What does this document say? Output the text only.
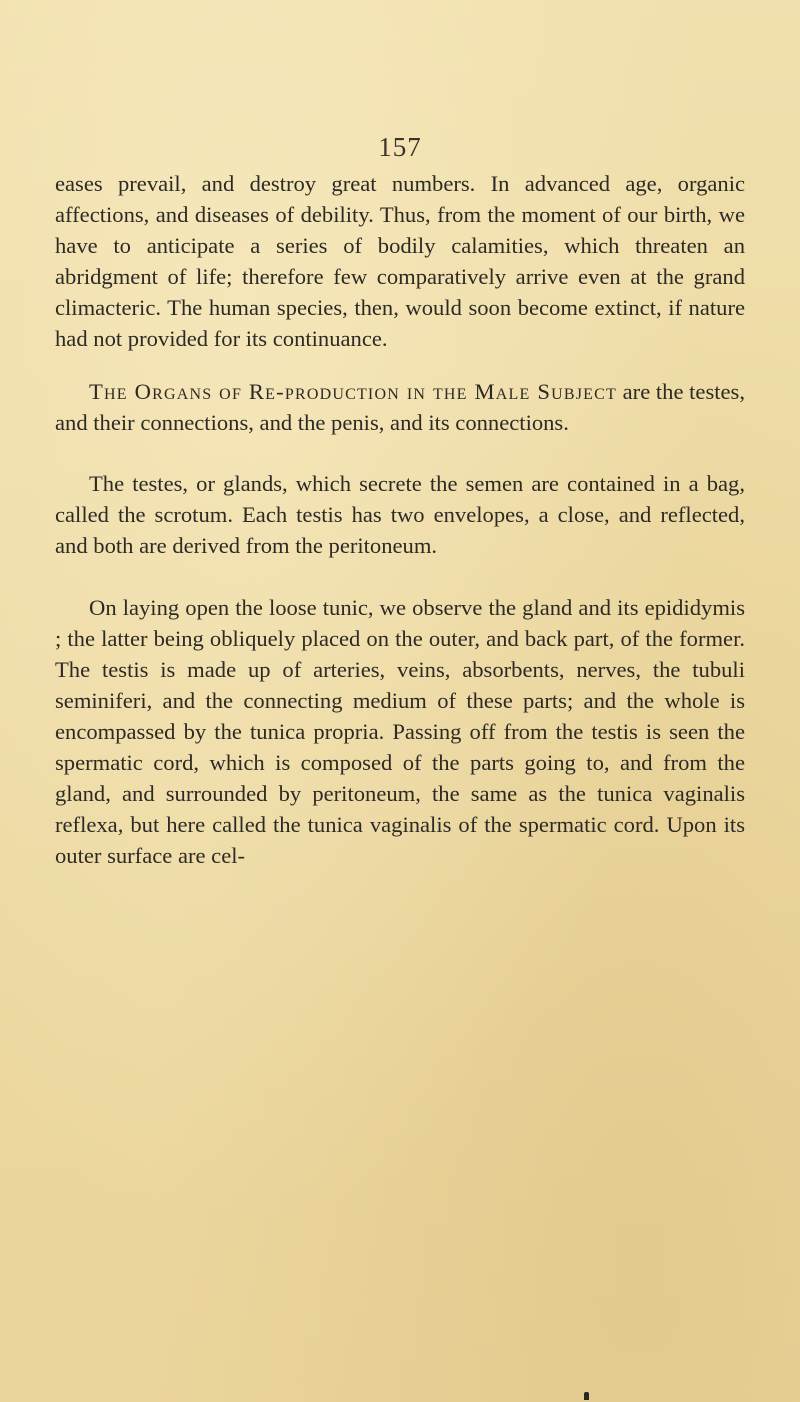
157

eases prevail, and destroy great numbers. In advanced age, organic affections, and diseases of debility. Thus, from the moment of our birth, we have to anticipate a series of bodily calamities, which threaten an abridgment of life; therefore few comparatively arrive even at the grand climacteric. The human species, then, would soon become extinct, if nature had not provided for its continuance.

The Organs of Re-production in the Male Subject are the testes, and their connections, and the penis, and its connections.

The testes, or glands, which secrete the semen are contained in a bag, called the scrotum. Each testis has two envelopes, a close, and reflected, and both are derived from the peritoneum.

On laying open the loose tunic, we observe the gland and its epididymis ; the latter being obliquely placed on the outer, and back part, of the former. The testis is made up of arteries, veins, absorbents, nerves, the tubuli seminiferi, and the connecting medium of these parts; and the whole is encompassed by the tunica propria. Passing off from the testis is seen the spermatic cord, which is composed of the parts going to, and from the gland, and surrounded by peritoneum, the same as the tunica vaginalis reflexa, but here called the tunica vaginalis of the spermatic cord. Upon its outer surface are cel-
